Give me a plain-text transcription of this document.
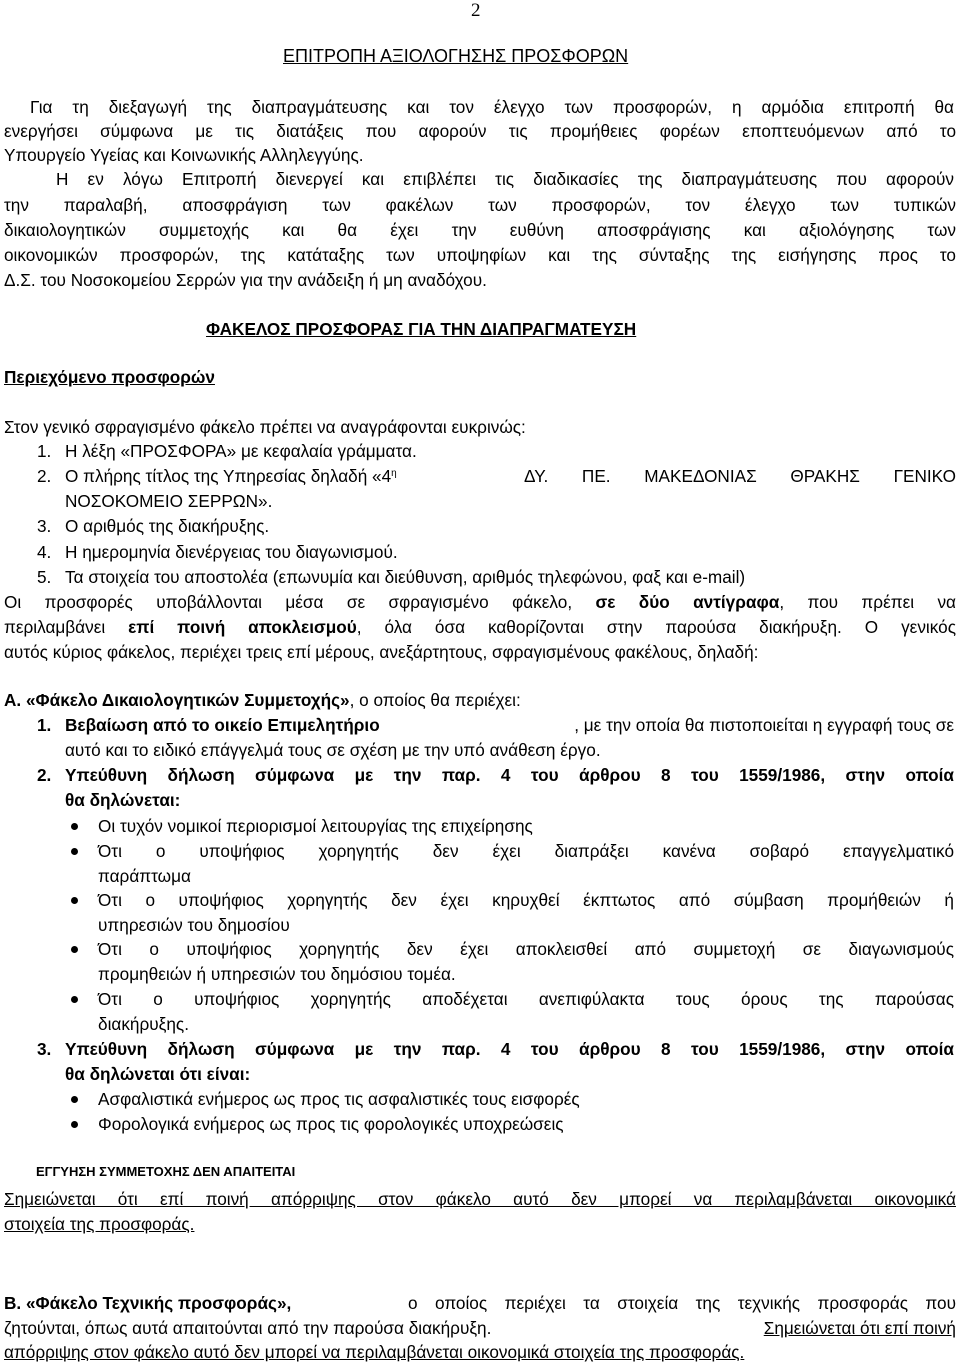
2
ΕΠΙΤΡΟΠΗ ΑΞΙΟΛΟΓΗΣΗΣ ΠΡΟΣΦΟΡΩΝ
Για τη διεξαγωγή της διαπραγμάτευσης και τον έλεγχο των προσφορών, η αρμόδια επιτροπή θα
ενεργήσει σύμφωνα με τις διατάξεις που αφορούν τις προμήθειες φορέων εποπτευόμενων από το
Υπουργείο Υγείας και Κοινωνικής Αλληλεγγύης.
Η εν λόγω Επιτροπή διενεργεί και επιβλέπει τις διαδικασίες της διαπραγμάτευσης που αφορούν
την παραλαβή, αποσφράγιση των φακέλων των προσφορών, τον έλεγχο των τυπικών
δικαιολογητικών συμμετοχής και θα έχει την ευθύνη αποσφράγισης και αξιολόγησης των
οικονομικών προσφορών, της κατάταξης των υποψηφίων και της σύνταξης της εισήγησης προς το
Δ.Σ. του Νοσοκομείου Σερρών για την ανάδειξη ή μη αναδόχου.
ΦΑΚΕΛΟΣ ΠΡΟΣΦΟΡΑΣ ΓΙΑ ΤΗΝ ΔΙΑΠΡΑΓΜΑΤΕΥΣΗ
Περιεχόμενο προσφορών
Στον γενικό σφραγισμένο φάκελο πρέπει να αναγράφονται ευκρινώς:
1. Η λέξη «ΠΡΟΣΦΟΡΑ» με κεφαλαία γράμματα.
2. Ο πλήρης τίτλος της Υπηρεσίας δηλαδή «$4^\eta$	ΔΥ. ΠΕ. ΜΑΚΕΔΟΝΙΑΣ ΘΡΑΚΗΣ ΓΕΝΙΚΟ
ΝΟΣΟΚΟΜΕΙΟ ΣΕΡΡΩΝ».
3. Ο αριθμός της διακήρυξης.
4. Η ημερομηνία διενέργειας του διαγωνισμού.
5. Τα στοιχεία του αποστολέα (επωνυμία και διεύθυνση, αριθμός τηλεφώνου, φαξ και e-mail)
Οι προσφορές υποβάλλονται μέσα σε σφραγισμένο φάκελο, σε δύο αντίγραφα, που πρέπει να
περιλαμβάνει επί ποινή αποκλεισμού, όλα όσα καθορίζονται στην παρούσα διακήρυξη. Ο γενικός
αυτός κύριος φάκελος, περιέχει τρεις επί μέρους, ανεξάρτητους, σφραγισμένους φακέλους, δηλαδή:
Α. «Φάκελο Δικαιολογητικών Συμμετοχής», ο οποίος θα περιέχει:
1. Βεβαίωση από το οικείο Επιμελητήριο	, με την οποία θα πιστοποιείται η εγγραφή τους σε
αυτό και το ειδικό επάγγελμά τους σε σχέση με την υπό ανάθεση έργο.
2. Υπεύθυνη δήλωση σύμφωνα με την παρ. 4 του άρθρου 8 του 1559/1986, στην οποία
θα δηλώνεται:
Οι τυχόν νομικοί περιορισμοί λειτουργίας της επιχείρησης
Ότι ο υποψήφιος χορηγητής δεν έχει διαπράξει κανένα σοβαρό επαγγελματικό
παράπτωμα
Ότι ο υποψήφιος χορηγητής δεν έχει κηρυχθεί έκπτωτος από σύμβαση προμήθειών ή
υπηρεσιών του δημοσίου
Ότι ο υποψήφιος χορηγητής δεν έχει αποκλεισθεί από συμμετοχή σε διαγωνισμούς
προμηθειών ή υπηρεσιών του δημόσιου τομέα.
Ότι ο υποψήφιος χορηγητής αποδέχεται ανεπιφύλακτα τους όρους της παρούσας
διακήρυξης.
3. Υπεύθυνη δήλωση σύμφωνα με την παρ. 4 του άρθρου 8 του 1559/1986, στην οποία
θα δηλώνεται ότι είναι:
Ασφαλιστικά ενήμερος ως προς τις ασφαλιστικές τους εισφορές
Φορολογικά ενήμερος ως προς τις φορολογικές υποχρεώσεις
ΕΓΓΥΗΣΗ ΣΥΜΜΕΤΟΧΗΣ ΔΕΝ ΑΠΑΙΤΕΙΤΑΙ
Σημειώνεται ότι επί ποινή απόρριψης στον φάκελο αυτό δεν μπορεί να περιλαμβάνεται οικονομικά
στοιχεία της προσφοράς.
Β. «Φάκελο Τεχνικής προσφοράς»,	ο οποίος περιέχει τα στοιχεία της τεχνικής προσφοράς που
ζητούνται, όπως αυτά απαιτούνται από την παρούσα διακήρυξη.	Σημειώνεται ότι επί ποινή
απόρριψης στον φάκελο αυτό δεν μπορεί να περιλαμβάνεται οικονομικά στοιχεία της προσφοράς.
